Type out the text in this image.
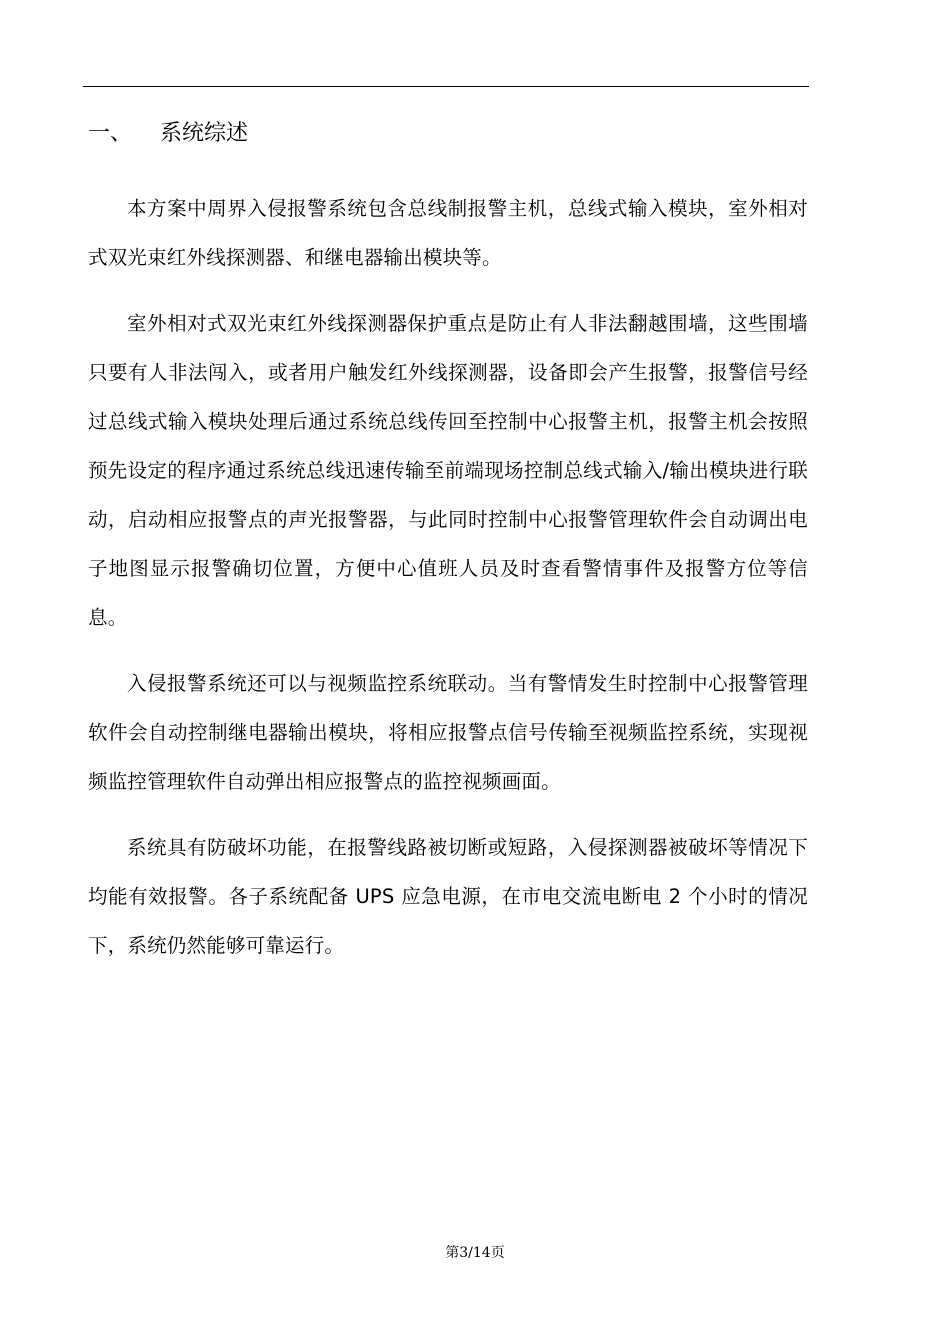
一、	系统综述

本方案中周界入侵报警系统包含总线制报警主机，总线式输入模块，室外相对式双光束红外线探测器、和继电器输出模块等。

室外相对式双光束红外线探测器保护重点是防止有人非法翻越围墙，这些围墙只要有人非法闯入，或者用户触发红外线探测器，设备即会产生报警，报警信号经过总线式输入模块处理后通过系统总线传回至控制中心报警主机，报警主机会按照预先设定的程序通过系统总线迅速传输至前端现场控制总线式输入/输出模块进行联动，启动相应报警点的声光报警器，与此同时控制中心报警管理软件会自动调出电子地图显示报警确切位置，方便中心值班人员及时查看警情事件及报警方位等信息。

入侵报警系统还可以与视频监控系统联动。当有警情发生时控制中心报警管理软件会自动控制继电器输出模块，将相应报警点信号传输至视频监控系统，实现视频监控管理软件自动弹出相应报警点的监控视频画面。

系统具有防破坏功能，在报警线路被切断或短路，入侵探测器被破坏等情况下均能有效报警。各子系统配备 UPS 应急电源，在市电交流电断电 2 个小时的情况下，系统仍然能够可靠运行。

第3/14页
